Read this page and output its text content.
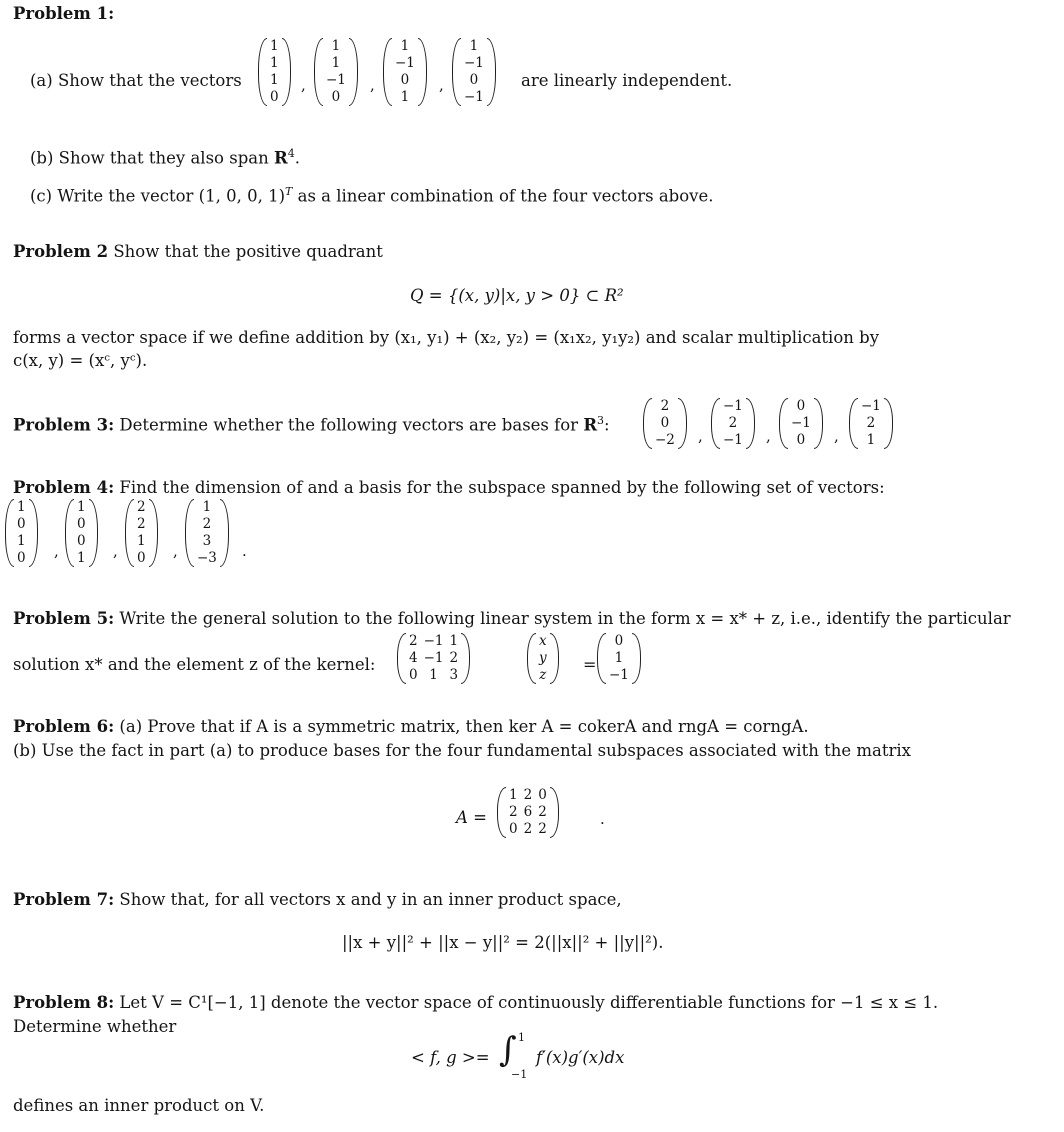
Problem 1:
(a) Show that the vectors
1
1
1
0
,
1
1
−1
0
,
1
−1
0
1
,
1
−1
0
−1
are linearly independent.
(b) Show that they also span $R^4$.
(c) Write the vector (1, 0, 0, 1)$^T$ as a linear combination of the four vectors above.
Problem 2 Show that the positive quadrant
Q = {(x, y)|x, y > 0} ⊂ R²
forms a vector space if we define addition by (x₁, y₁) + (x₂, y₂) = (x₁x₂, y₁y₂) and scalar multiplication by
c(x, y) = (xᶜ, yᶜ).
Problem 3: Determine whether the following vectors are bases for $R^3$:
2
0
−2 ,
−1
2
−1 ,
0
−1
0 ,
−1
2
1
Problem 4: Find the dimension of and a basis for the subspace spanned by the following set of vectors:
1
0
1
0 ,
1
0
0
1 ,
2
2
1
0 ,
1
2
3
−3 .
Problem 5: Write the general solution to the following linear system in the form x = x* + z, i.e., identify the particular
solution x* and the element z of the kernel:
2	−1	1
4	−1	2
0	1	3
x
y
z
=
0
1
−1
Problem 6: (a) Prove that if A is a symmetric matrix, then ker A = cokerA and rngA = corngA.
(b) Use the fact in part (a) to produce bases for the four fundamental subspaces associated with the matrix
A =
1	2	0
2	6	2
0	2	2
.
Problem 7: Show that, for all vectors x and y in an inner product space,
||x + y||² + ||x − y||² = 2(||x||² + ||y||²).
Problem 8: Let V = C¹[−1, 1] denote the vector space of continuously differentiable functions for −1 ≤ x ≤ 1.
Determine whether
< f, g >= ∫ 1
−1
f′(x)g′(x)dx
defines an inner product on V.
